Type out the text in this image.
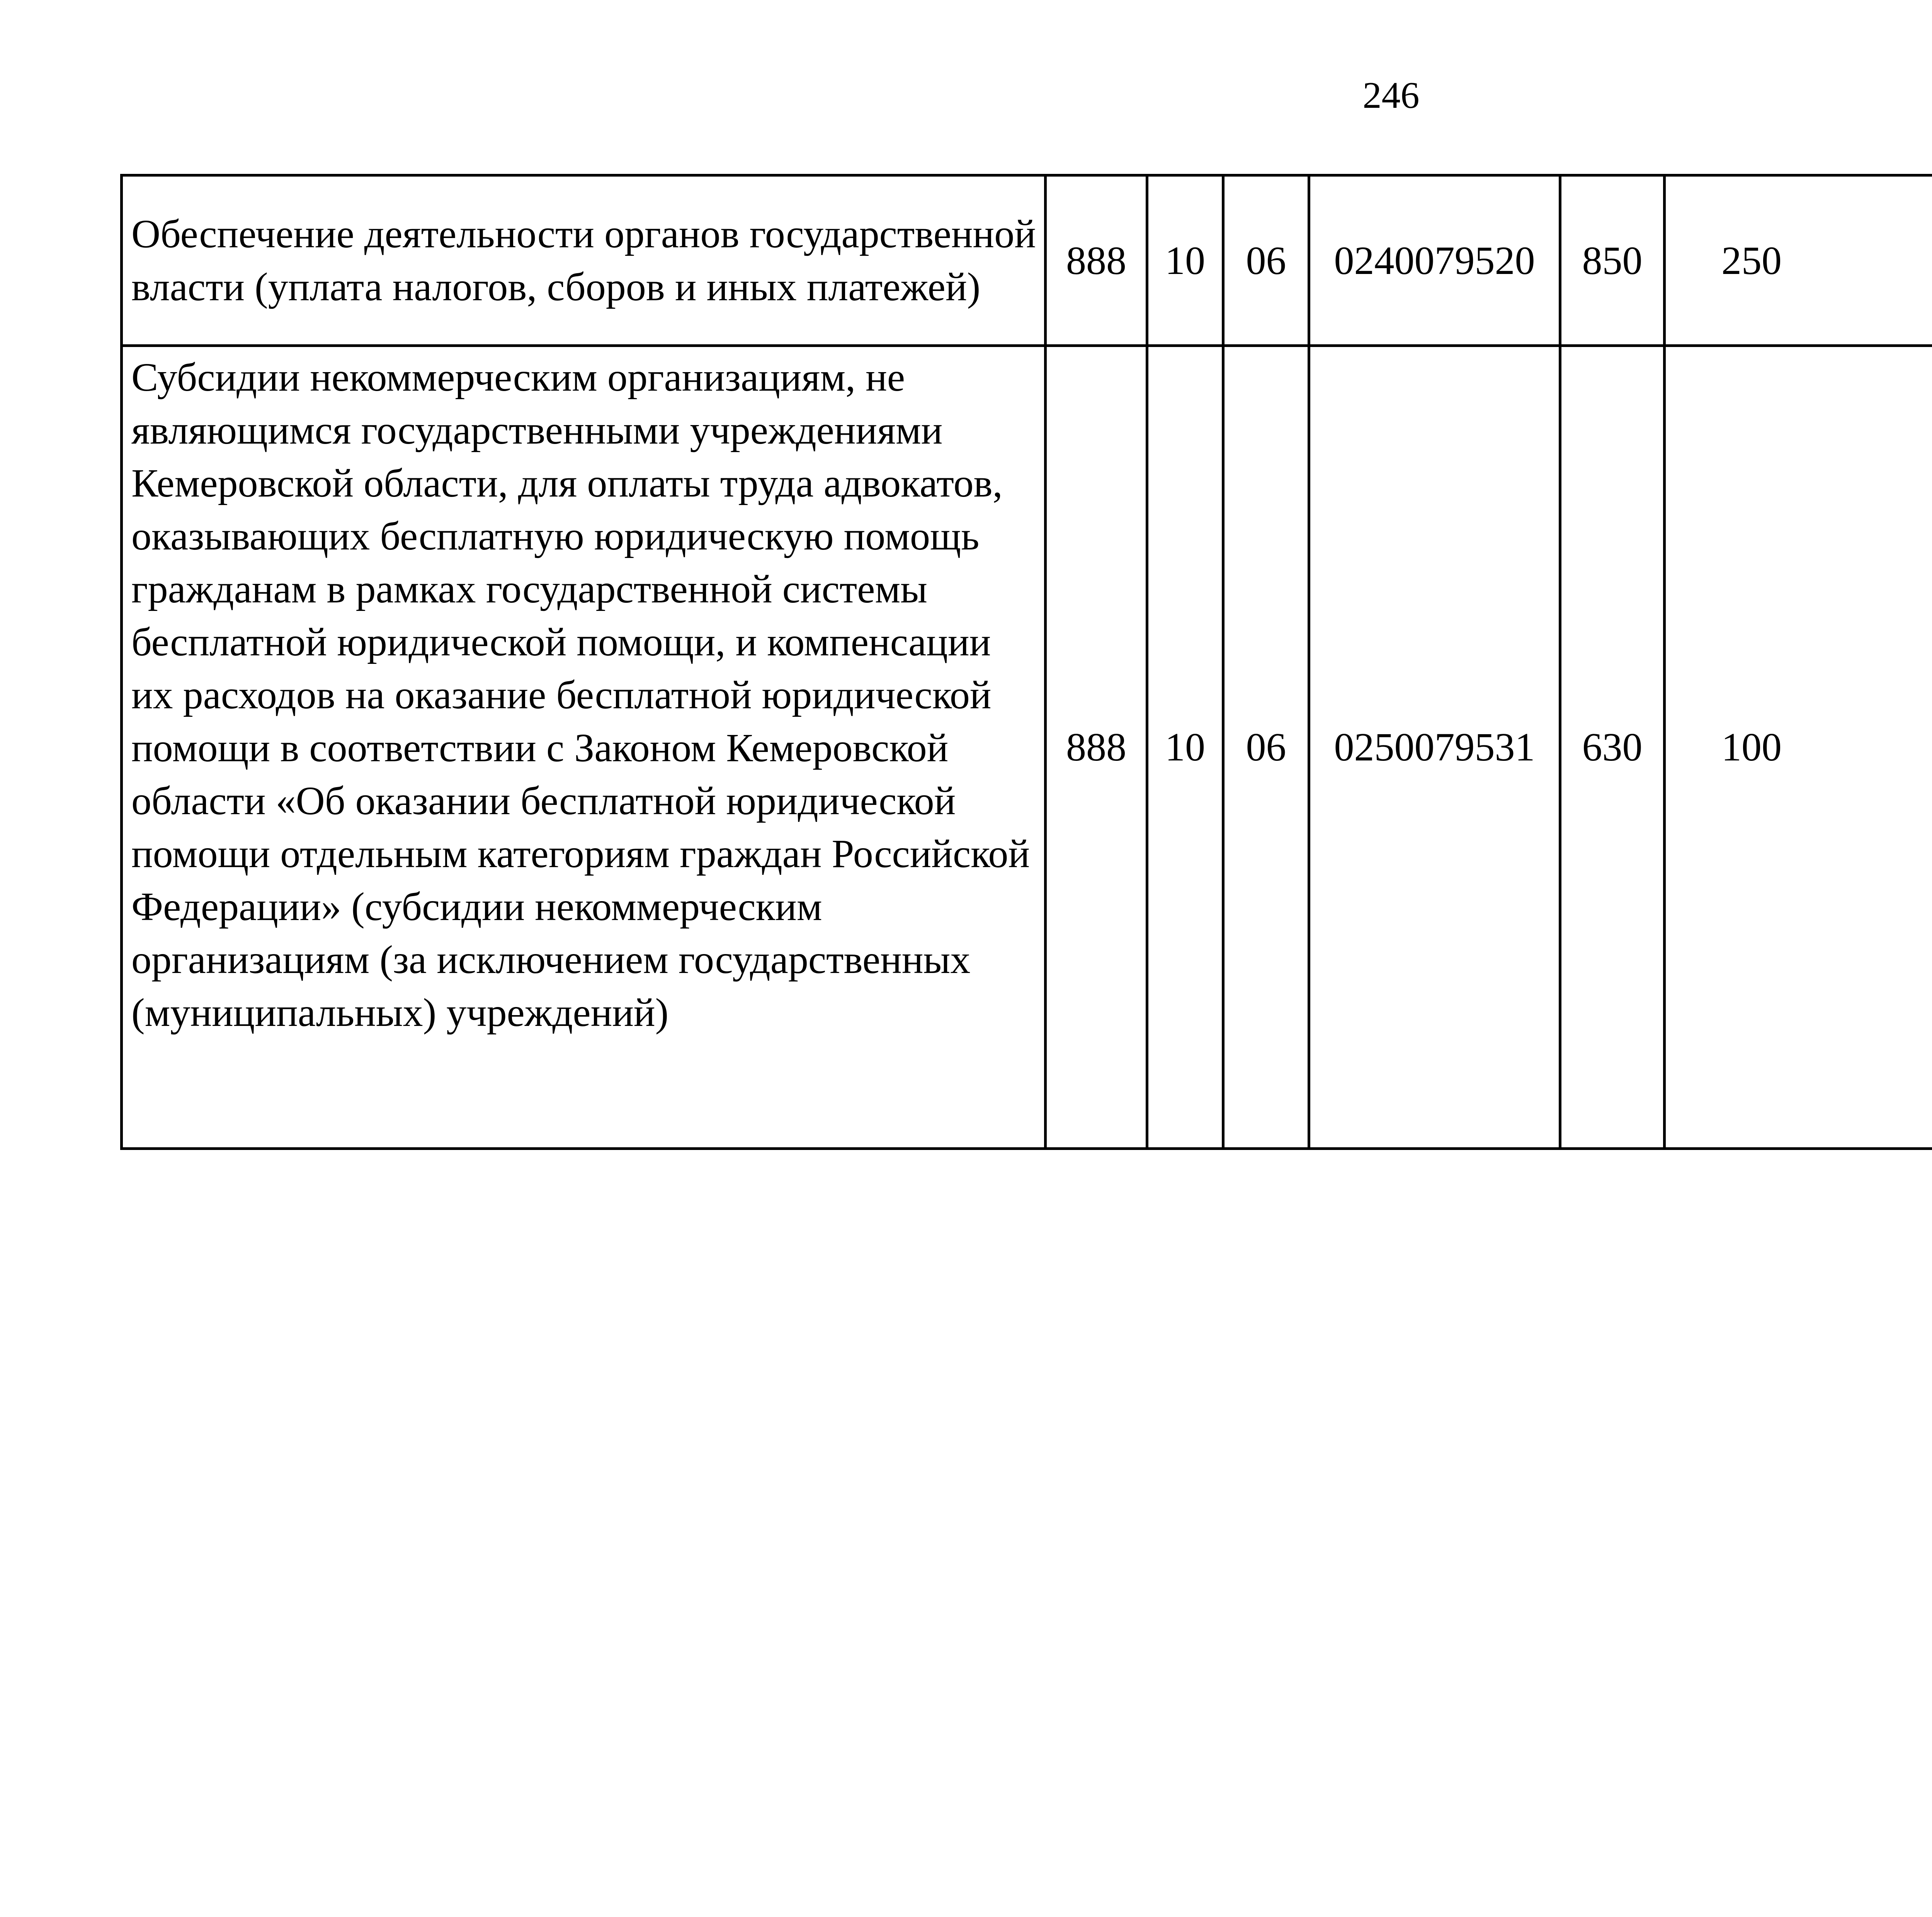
246
Обеспечение деятельности органов государственной власти (уплата налогов, сборов и иных платежей)	888	10	06	0240079520	850	250		
Субсидии некоммерческим организациям, не являющимся государственными учреждениями Кемеровской области, для оплаты труда адвокатов, оказывающих бесплатную юридическую помощь гражданам в рамках государственной системы бесплатной юридической помощи, и компенсации их расходов на оказание бесплатной юридической помощи в соответствии с Законом Кемеровской области «Об оказании бесплатной юридической помощи отдельным категориям граждан Российской Федерации» (субсидии некоммерческим организациям (за исключением государственных (муниципальных) учреждений)	888	10	06	0250079531	630	100		
